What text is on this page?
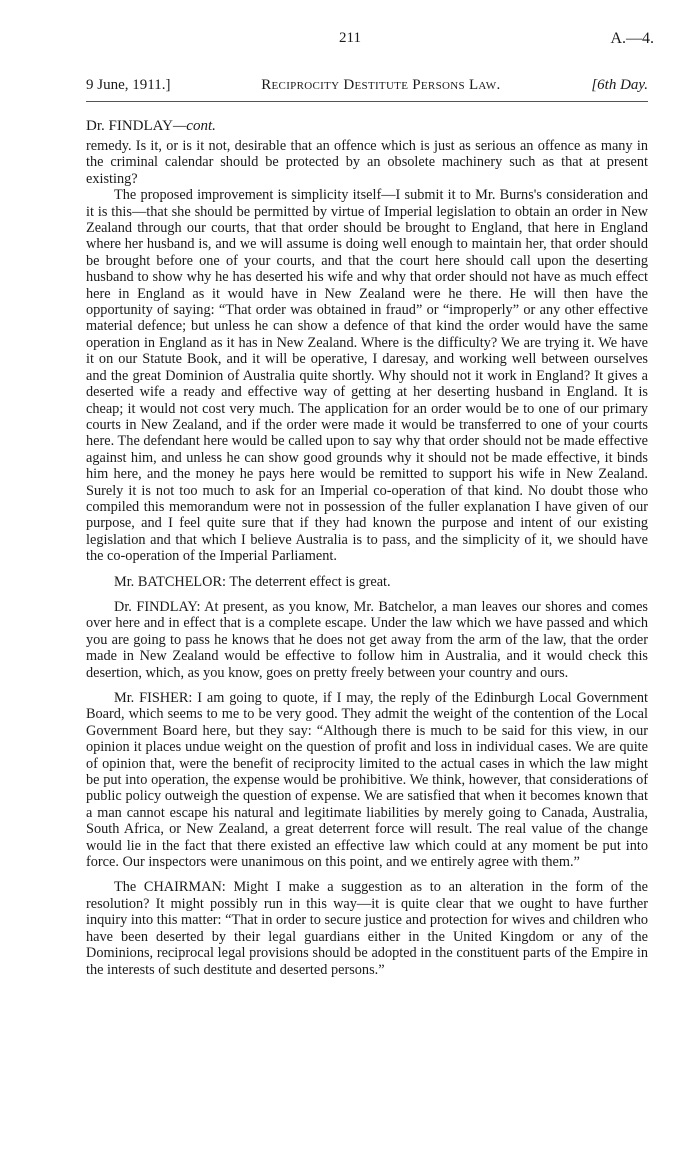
211	A.—4.
9 June, 1911.]	Reciprocity Destitute Persons Law.	[6th Day.
Dr. FINDLAY—cont.

remedy. Is it, or is it not, desirable that an offence which is just as serious an offence as many in the criminal calendar should be protected by an obsolete machinery such as that at present existing?

The proposed improvement is simplicity itself—I submit it to Mr. Burns's consideration and it is this—that she should be permitted by virtue of Imperial legislation to obtain an order in New Zealand through our courts, that that order should be brought to England, that here in England where her husband is, and we will assume is doing well enough to maintain her, that order should be brought before one of your courts, and that the court here should call upon the deserting husband to show why he has deserted his wife and why that order should not have as much effect here in England as it would have in New Zealand were he there. He will then have the opportunity of saying: “That order was obtained in fraud” or “improperly” or any other effective material defence; but unless he can show a defence of that kind the order would have the same operation in England as it has in New Zealand. Where is the difficulty? We are trying it. We have it on our Statute Book, and it will be operative, I daresay, and working well between ourselves and the great Dominion of Australia quite shortly. Why should not it work in England? It gives a deserted wife a ready and effective way of getting at her deserting husband in England. It is cheap; it would not cost very much. The application for an order would be to one of our primary courts in New Zealand, and if the order were made it would be transferred to one of your courts here. The defendant here would be called upon to say why that order should not be made effective against him, and unless he can show good grounds why it should not be made effective, it binds him here, and the money he pays here would be remitted to support his wife in New Zealand. Surely it is not too much to ask for an Imperial co-operation of that kind. No doubt those who compiled this memorandum were not in possession of the fuller explanation I have given of our purpose, and I feel quite sure that if they had known the purpose and intent of our existing legislation and that which I believe Australia is to pass, and the simplicity of it, we should have the co-operation of the Imperial Parliament.

Mr. BATCHELOR: The deterrent effect is great.

Dr. FINDLAY: At present, as you know, Mr. Batchelor, a man leaves our shores and comes over here and in effect that is a complete escape. Under the law which we have passed and which you are going to pass he knows that he does not get away from the arm of the law, that the order made in New Zealand would be effective to follow him in Australia, and it would check this desertion, which, as you know, goes on pretty freely between your country and ours.

Mr. FISHER: I am going to quote, if I may, the reply of the Edinburgh Local Government Board, which seems to me to be very good. They admit the weight of the contention of the Local Government Board here, but they say: “Although there is much to be said for this view, in our opinion it places undue weight on the question of profit and loss in individual cases. We are quite of opinion that, were the benefit of reciprocity limited to the actual cases in which the law might be put into operation, the expense would be prohibitive. We think, however, that considerations of public policy outweigh the question of expense. We are satisfied that when it becomes known that a man cannot escape his natural and legitimate liabilities by merely going to Canada, Australia, South Africa, or New Zealand, a great deterrent force will result. The real value of the change would lie in the fact that there existed an effective law which could at any moment be put into force. Our inspectors were unanimous on this point, and we entirely agree with them.”

The CHAIRMAN: Might I make a suggestion as to an alteration in the form of the resolution? It might possibly run in this way—it is quite clear that we ought to have further inquiry into this matter: “That in order to secure justice and protection for wives and children who have been deserted by their legal guardians either in the United Kingdom or any of the Dominions, reciprocal legal provisions should be adopted in the constituent parts of the Empire in the interests of such destitute and deserted persons.”
